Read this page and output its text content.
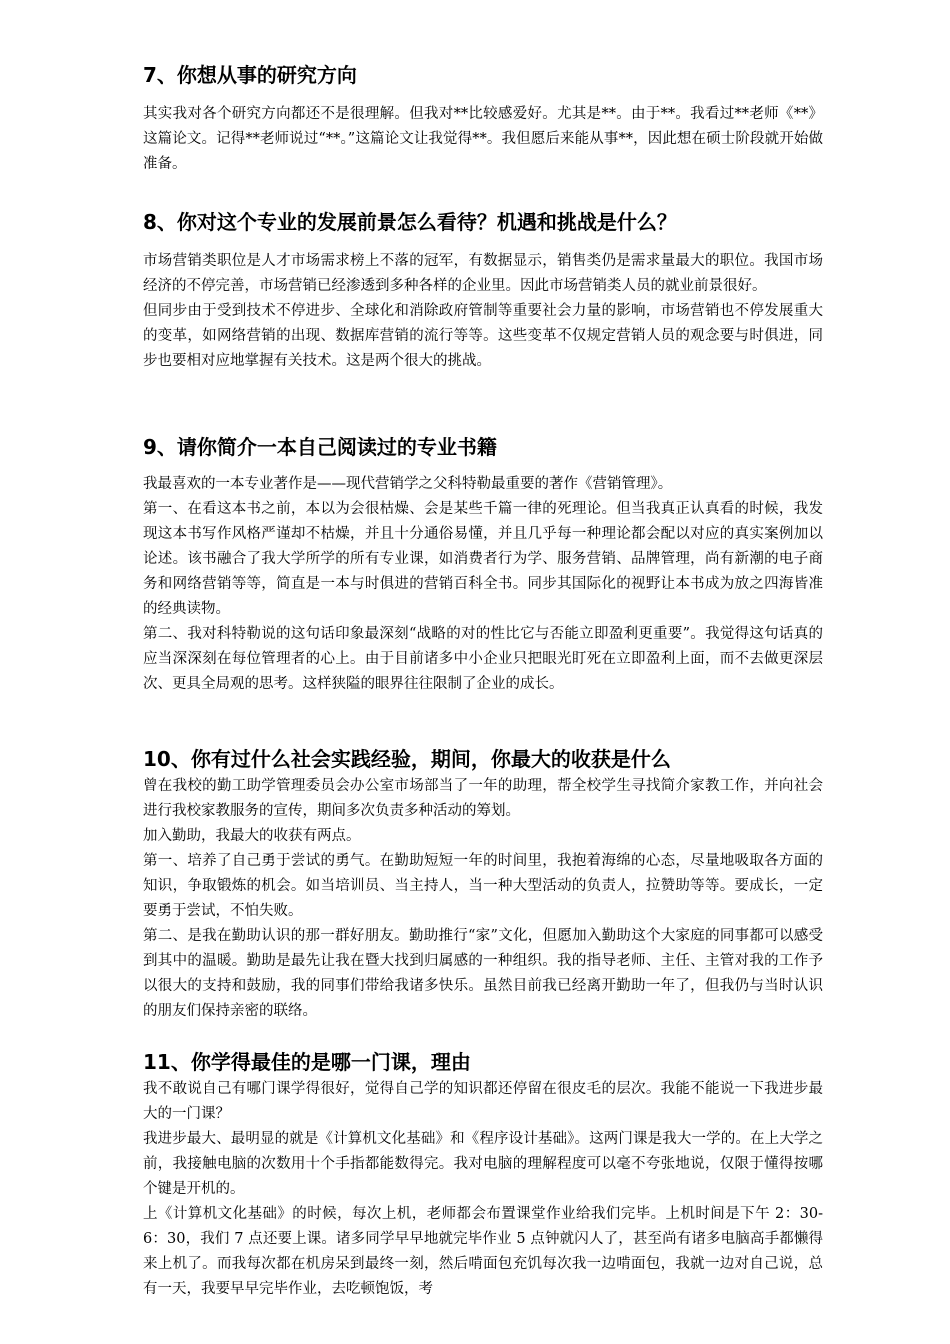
7、你想从事的研究方向

其实我对各个研究方向都还不是很理解。但我对**比较感爱好。尤其是**。由于**。我看过**老师《**》这篇论文。记得**老师说过“**。”这篇论文让我觉得**。我但愿后来能从事**，因此想在硕士阶段就开始做准备。

8、你对这个专业的发展前景怎么看待？机遇和挑战是什么？

市场营销类职位是人才市场需求榜上不落的冠军，有数据显示，销售类仍是需求量最大的职位。我国市场经济的不停完善，市场营销已经渗透到多种各样的企业里。因此市场营销类人员的就业前景很好。

但同步由于受到技术不停进步、全球化和消除政府管制等重要社会力量的影响，市场营销也不停发展重大的变革，如网络营销的出现、数据库营销的流行等等。这些变革不仅规定营销人员的观念要与时俱进，同步也要相对应地掌握有关技术。这是两个很大的挑战。

9、请你简介一本自己阅读过的专业书籍

我最喜欢的一本专业著作是——现代营销学之父科特勒最重要的著作《营销管理》。

第一、在看这本书之前，本以为会很枯燥、会是某些千篇一律的死理论。但当我真正认真看的时候，我发现这本书写作风格严谨却不枯燥，并且十分通俗易懂，并且几乎每一种理论都会配以对应的真实案例加以论述。该书融合了我大学所学的所有专业课，如消费者行为学、服务营销、品牌管理，尚有新潮的电子商务和网络营销等等，简直是一本与时俱进的营销百科全书。同步其国际化的视野让本书成为放之四海皆准的经典读物。

第二、我对科特勒说的这句话印象最深刻“战略的对的性比它与否能立即盈利更重要”。我觉得这句话真的应当深深刻在每位管理者的心上。由于目前诸多中小企业只把眼光盯死在立即盈利上面，而不去做更深层次、更具全局观的思考。这样狭隘的眼界往往限制了企业的成长。

10、你有过什么社会实践经验，期间，你最大的收获是什么

曾在我校的勤工助学管理委员会办公室市场部当了一年的助理，帮全校学生寻找简介家教工作，并向社会进行我校家教服务的宣传，期间多次负责多种活动的筹划。

加入勤助，我最大的收获有两点。

第一、培养了自己勇于尝试的勇气。在勤助短短一年的时间里，我抱着海绵的心态，尽量地吸取各方面的知识，争取锻炼的机会。如当培训员、当主持人，当一种大型活动的负责人，拉赞助等等。要成长，一定要勇于尝试，不怕失败。

第二、是我在勤助认识的那一群好朋友。勤助推行“家”文化，但愿加入勤助这个大家庭的同事都可以感受到其中的温暖。勤助是最先让我在暨大找到归属感的一种组织。我的指导老师、主任、主管对我的工作予以很大的支持和鼓励，我的同事们带给我诸多快乐。虽然目前我已经离开勤助一年了，但我仍与当时认识的朋友们保持亲密的联络。

11、你学得最佳的是哪一门课，理由

我不敢说自己有哪门课学得很好，觉得自己学的知识都还停留在很皮毛的层次。我能不能说一下我进步最大的一门课？

我进步最大、最明显的就是《计算机文化基础》和《程序设计基础》。这两门课是我大一学的。在上大学之前，我接触电脑的次数用十个手指都能数得完。我对电脑的理解程度可以毫不夸张地说，仅限于懂得按哪个键是开机的。

上《计算机文化基础》的时候，每次上机，老师都会布置课堂作业给我们完毕。上机时间是下午 2：30-6：30，我们 7 点还要上课。诸多同学早早地就完毕作业 5 点钟就闪人了，甚至尚有诸多电脑高手都懒得来上机了。而我每次都在机房呆到最终一刻，然后啃面包充饥每次我一边啃面包，我就一边对自己说，总有一天，我要早早完毕作业，去吃顿饱饭，考
